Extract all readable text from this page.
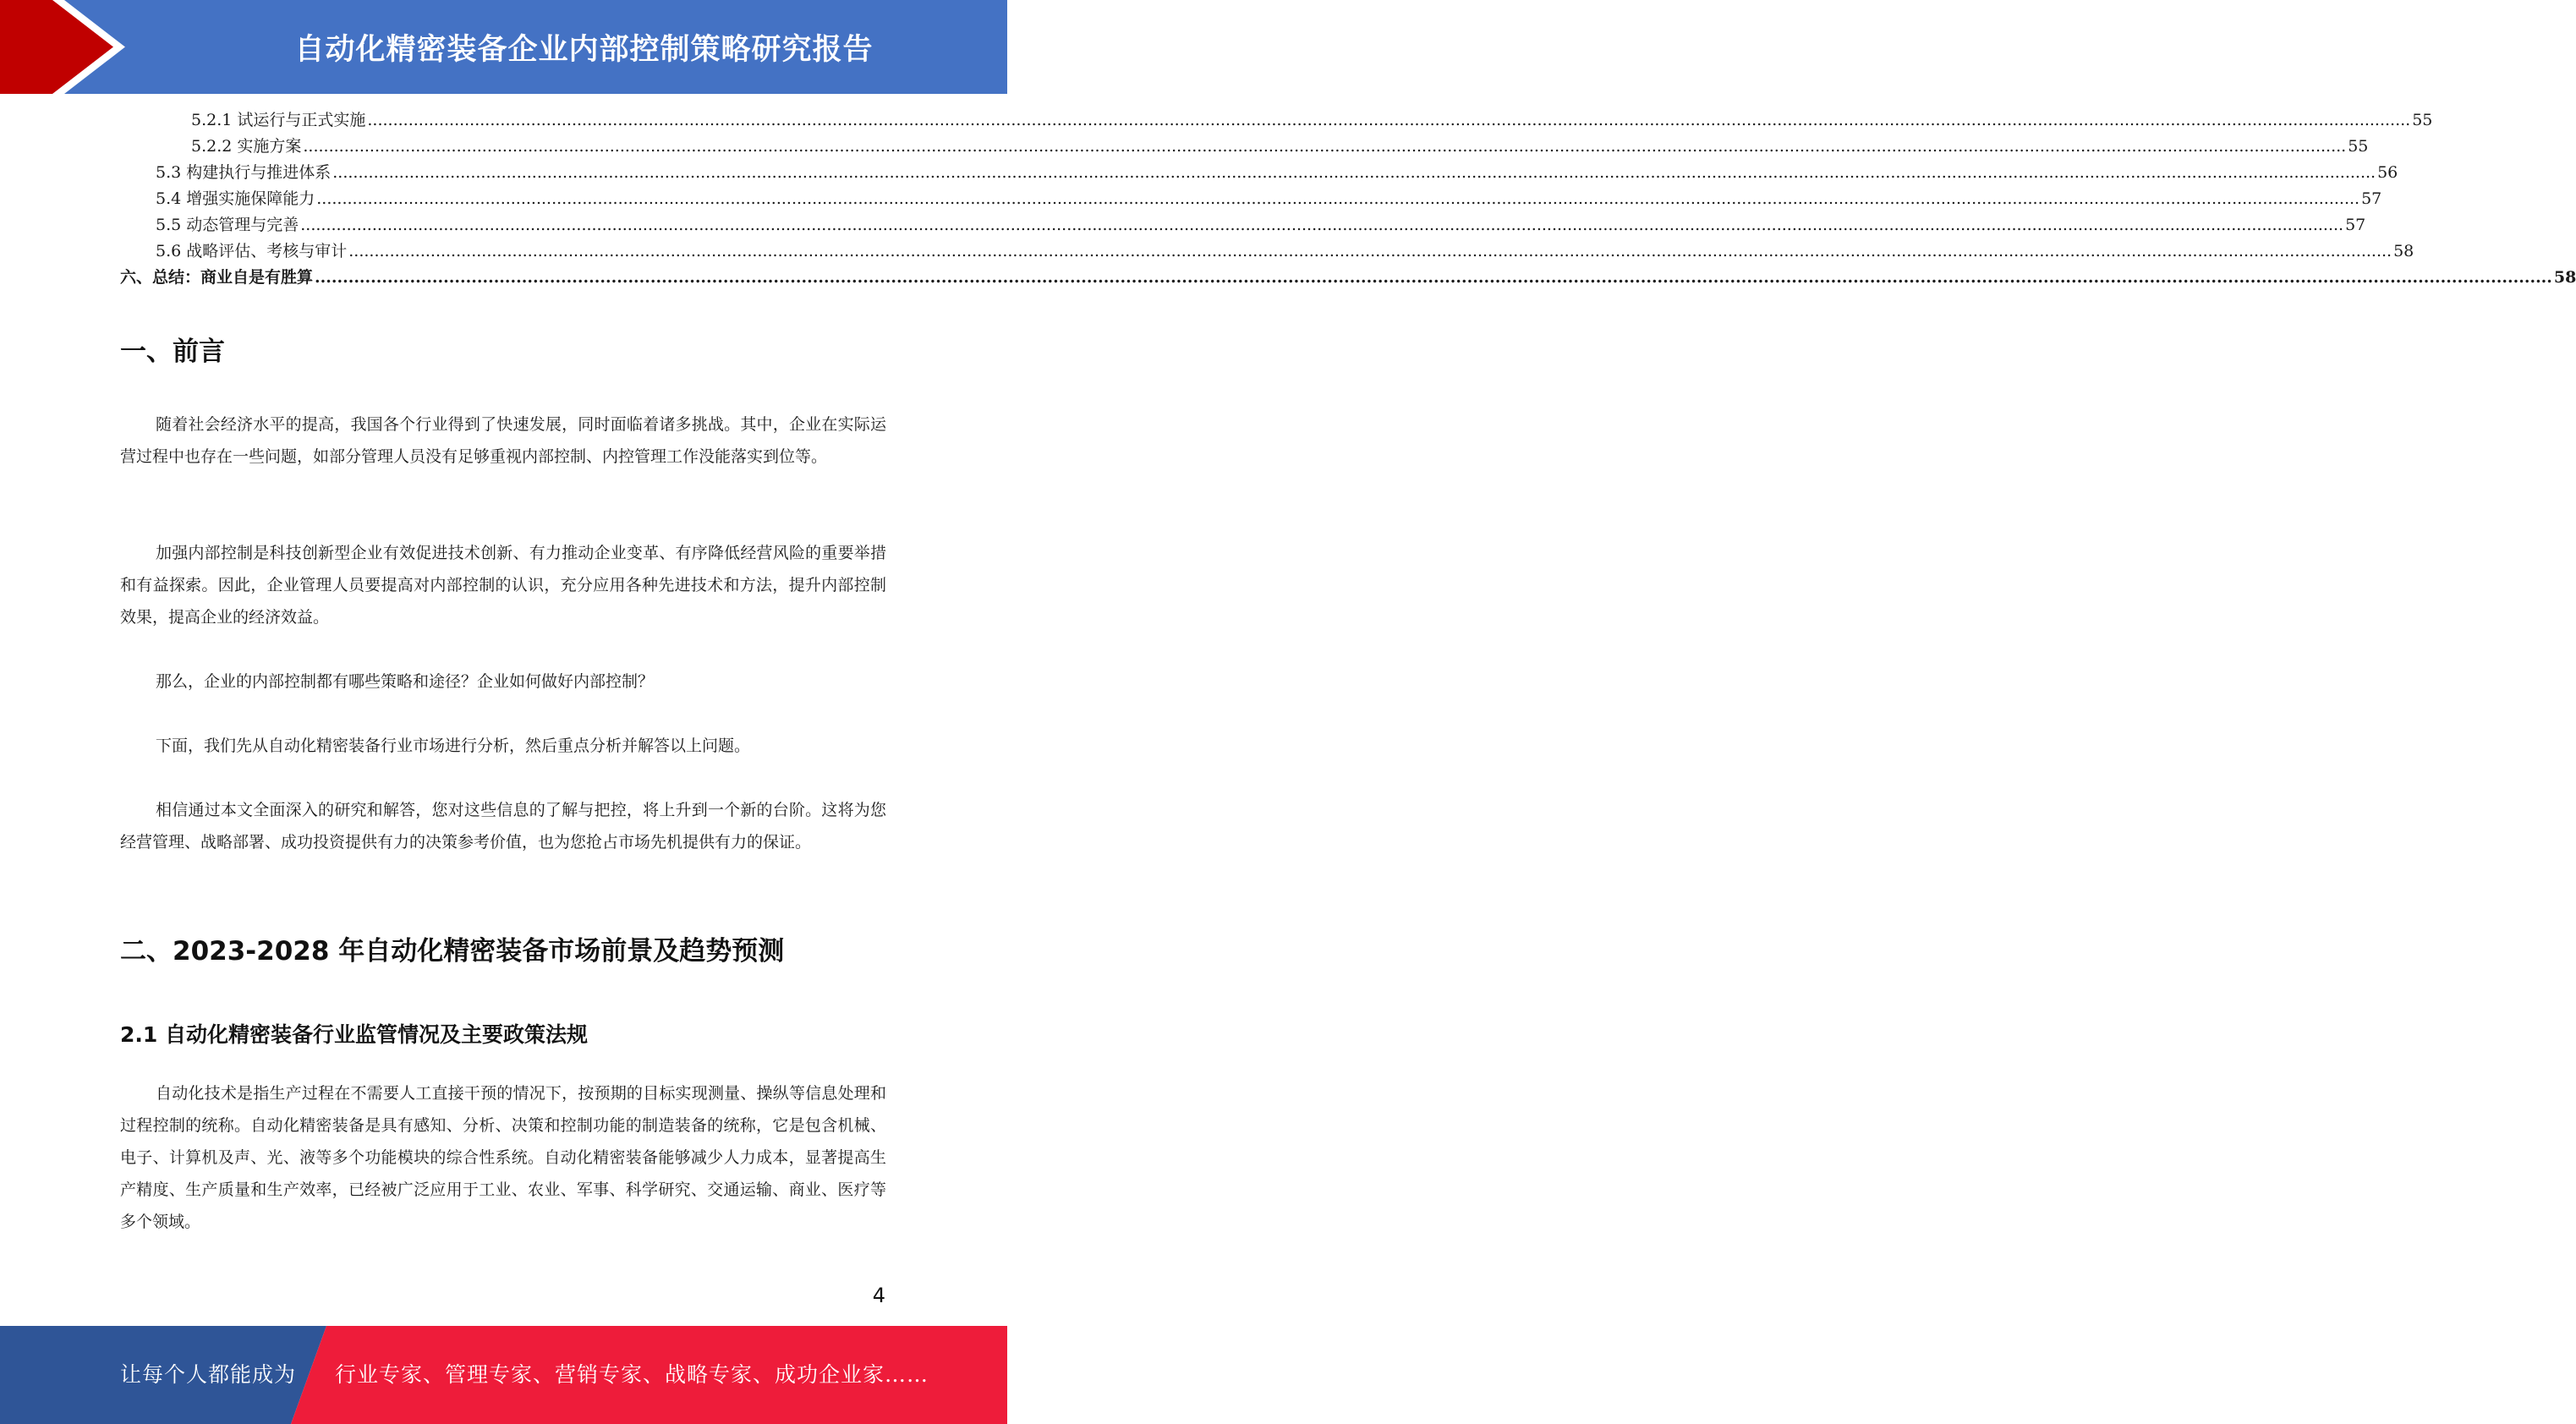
自动化精密装备企业内部控制策略研究报告
5.2.1 试运行与正式实施 ................................................................................................................................................................................................................................................................................................................................................................................................................ 55
5.2.2 实施方案 ................................................................................................................................................................................................................................................................................................................................................................................................................ 55
5.3 构建执行与推进体系 ................................................................................................................................................................................................................................................................................................................................................................................................................ 56
5.4 增强实施保障能力 ................................................................................................................................................................................................................................................................................................................................................................................................................ 57
5.5 动态管理与完善 ................................................................................................................................................................................................................................................................................................................................................................................................................ 57
5.6 战略评估、考核与审计 ................................................................................................................................................................................................................................................................................................................................................................................................................ 58
六、总结：商业自是有胜算 ................................................................................................................................................................................................................................................................................................................................................................................................................ 58
一、前言

随着社会经济水平的提高，我国各个行业得到了快速发展，同时面临着诸多挑战。其中，企业在实际运营过程中也存在一些问题，如部分管理人员没有足够重视内部控制、内控管理工作没能落实到位等。

加强内部控制是科技创新型企业有效促进技术创新、有力推动企业变革、有序降低经营风险的重要举措和有益探索。因此，企业管理人员要提高对内部控制的认识，充分应用各种先进技术和方法，提升内部控制效果，提高企业的经济效益。

那么，企业的内部控制都有哪些策略和途径？企业如何做好内部控制？

下面，我们先从自动化精密装备行业市场进行分析，然后重点分析并解答以上问题。

相信通过本文全面深入的研究和解答，您对这些信息的了解与把控，将上升到一个新的台阶。这将为您经营管理、战略部署、成功投资提供有力的决策参考价值，也为您抢占市场先机提供有力的保证。

二、2023-2028 年自动化精密装备市场前景及趋势预测
2.1 自动化精密装备行业监管情况及主要政策法规

自动化技术是指生产过程在不需要人工直接干预的情况下，按预期的目标实现测量、操纵等信息处理和过程控制的统称。自动化精密装备是具有感知、分析、决策和控制功能的制造装备的统称，它是包含机械、电子、计算机及声、光、液等多个功能模块的综合性系统。自动化精密装备能够减少人力成本，显著提高生产精度、生产质量和生产效率，已经被广泛应用于工业、农业、军事、科学研究、交通运输、商业、医疗等多个领域。

4
让每个人都能成为 行业专家、管理专家、营销专家、战略专家、成功企业家……
